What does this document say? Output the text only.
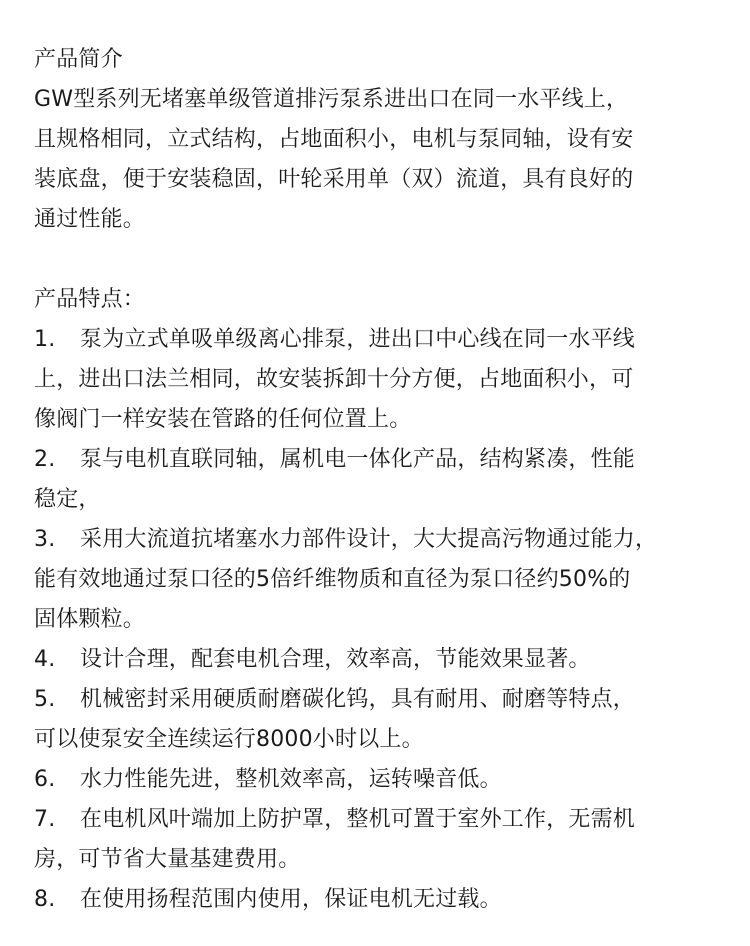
产品简介
GW型系列无堵塞单级管道排污泵系进出口在同一水平线上，
且规格相同，立式结构，占地面积小，电机与泵同轴，设有安
装底盘，便于安装稳固，叶轮采用单（双）流道，具有良好的
通过性能。
产品特点：
1. 泵为立式单吸单级离心排泵，进出口中心线在同一水平线
上，进出口法兰相同，故安装拆卸十分方便，占地面积小，可
像阀门一样安装在管路的任何位置上。
2. 泵与电机直联同轴，属机电一体化产品，结构紧凑，性能
稳定，
3. 采用大流道抗堵塞水力部件设计，大大提高污物通过能力，
能有效地通过泵口径的5倍纤维物质和直径为泵口径约50%的
固体颗粒。
4. 设计合理，配套电机合理，效率高，节能效果显著。
5. 机械密封采用硬质耐磨碳化钨，具有耐用、耐磨等特点，
可以使泵安全连续运行8000小时以上。
6. 水力性能先进，整机效率高，运转噪音低。
7. 在电机风叶端加上防护罩，整机可置于室外工作，无需机
房，可节省大量基建费用。
8. 在使用扬程范围内使用，保证电机无过载。
